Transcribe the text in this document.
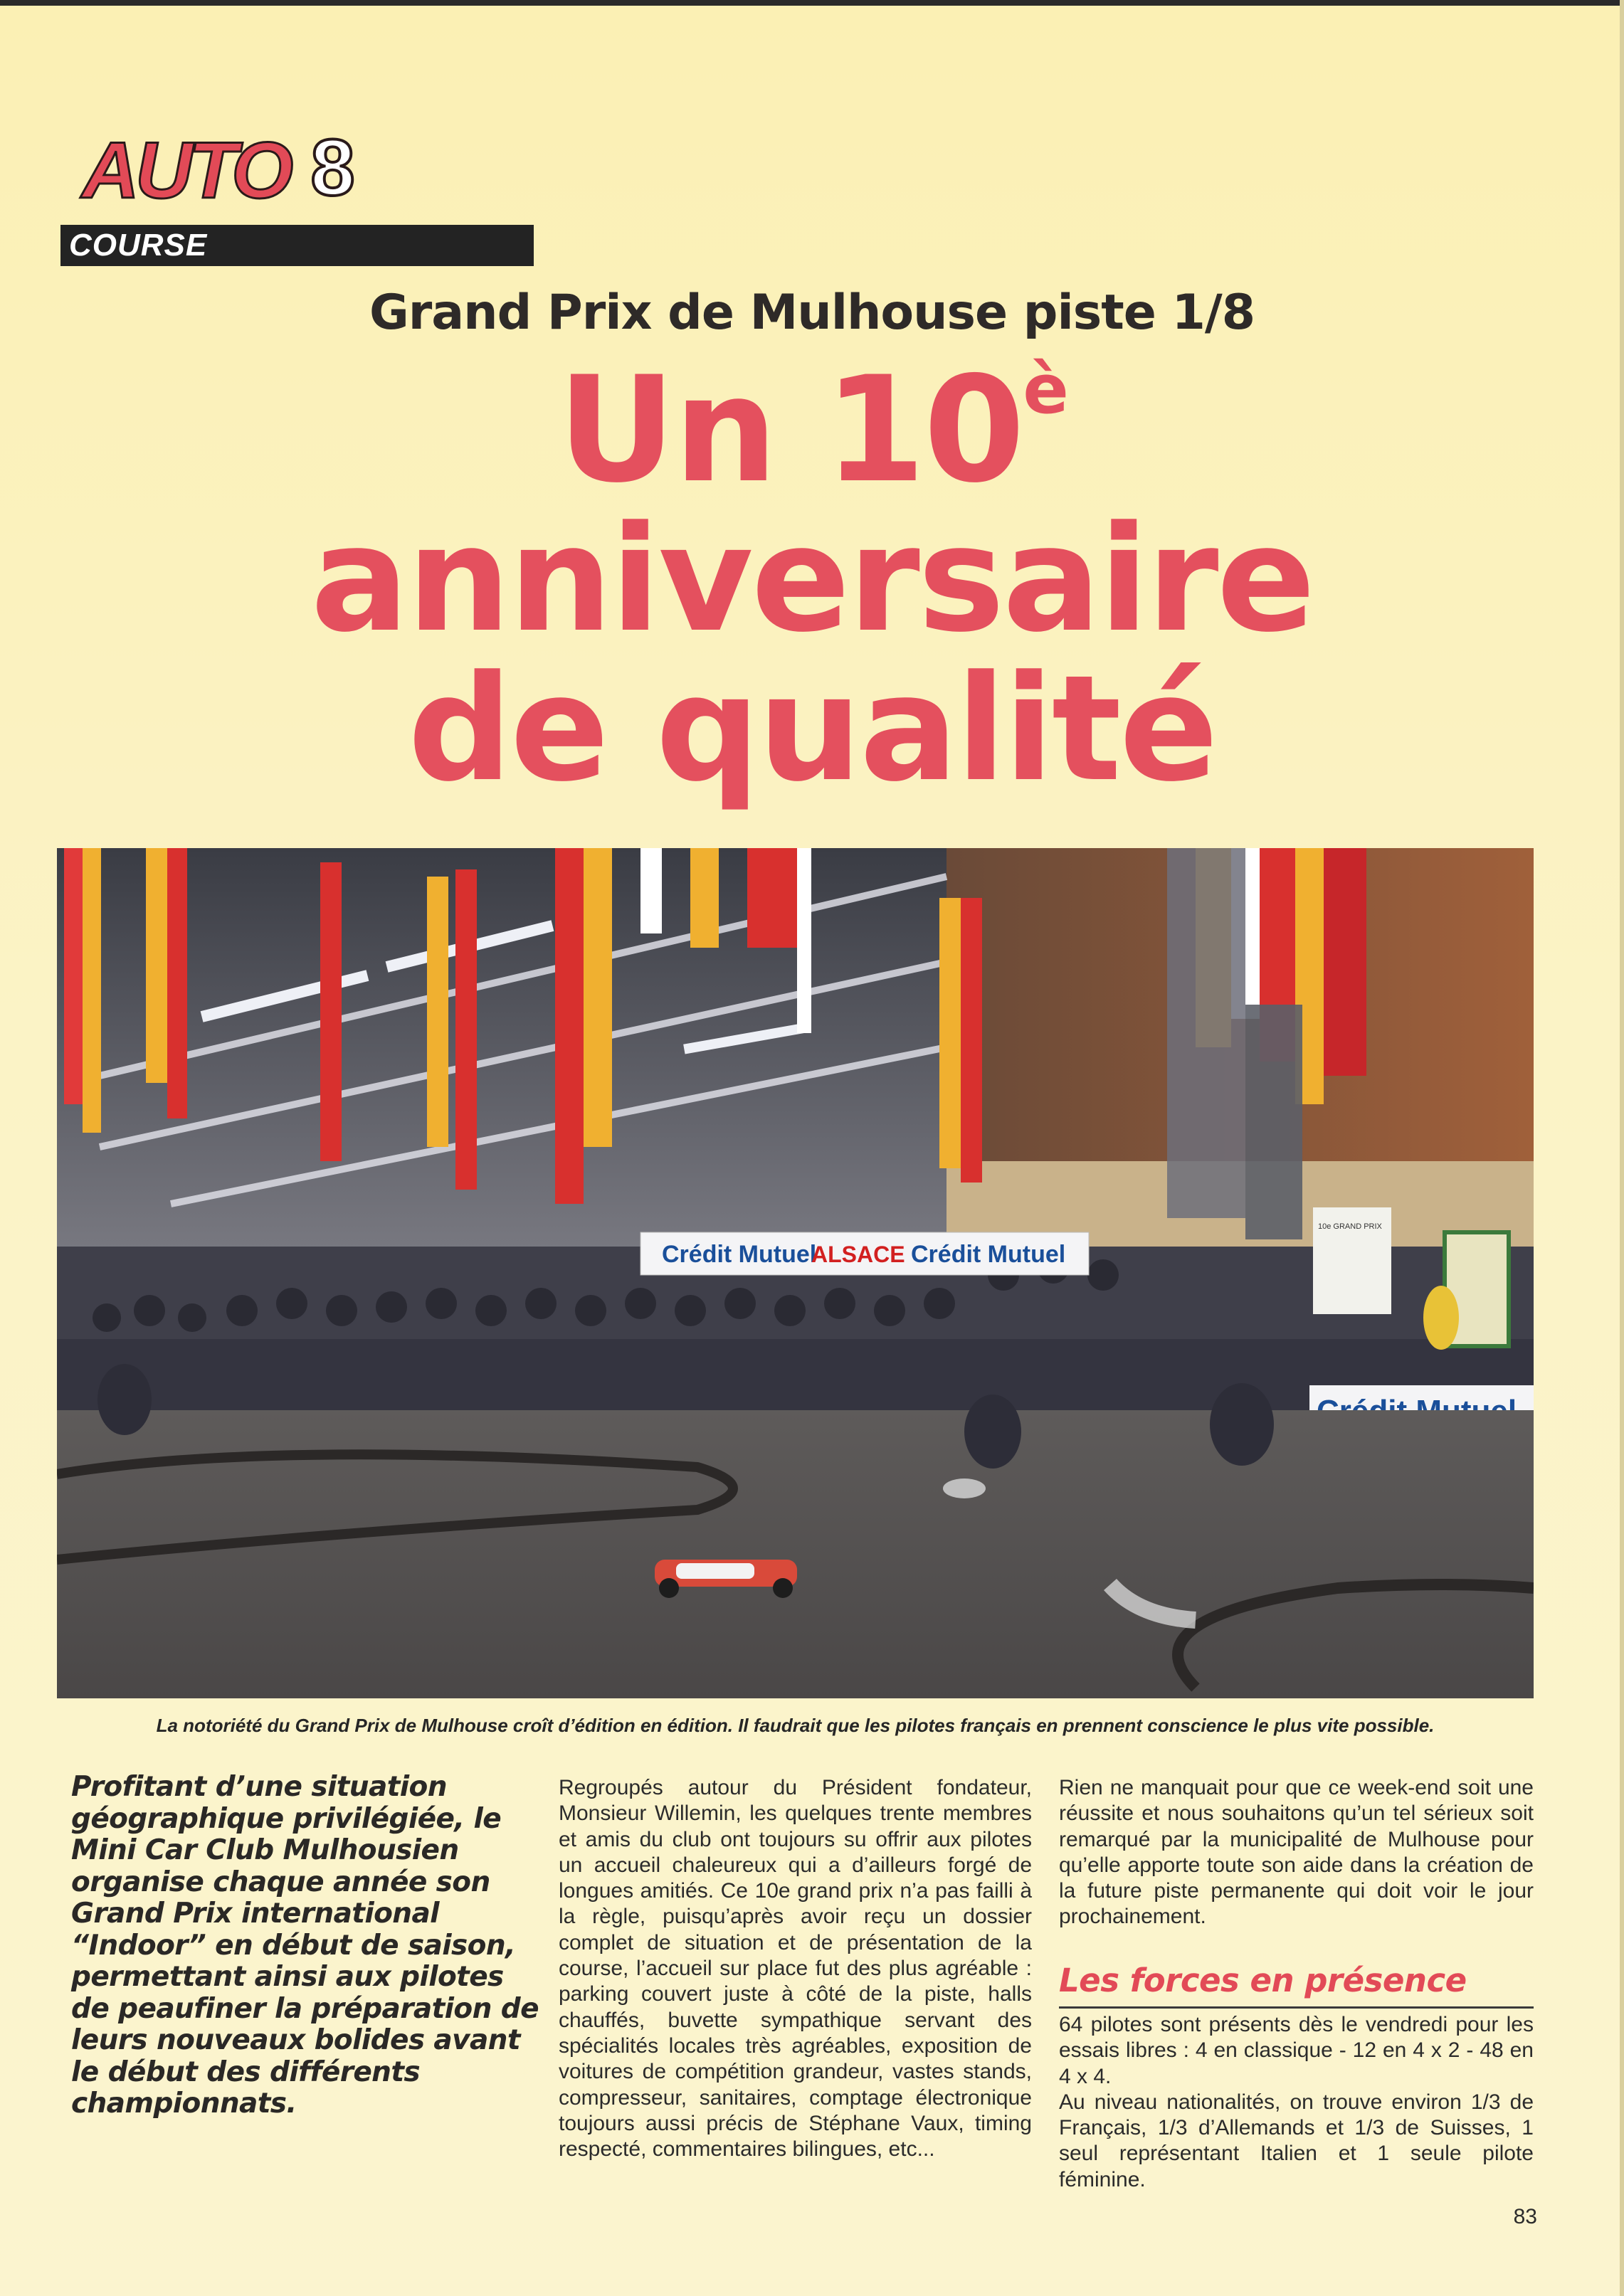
AUTO 8
COURSE
Grand Prix de Mulhouse piste 1/8
Un $10^è$
anniversaire
de qualité
Crédit Mutuel
ALSACE Crédit Mutuel
10e GRAND PRIX
La notoriété du Grand Prix de Mulhouse croît d’édition en édition. Il faudrait que les pilotes français en prennent conscience le plus vite possible.
Profitant d’une situation géographique privilégiée, le Mini Car Club Mulhousien organise chaque année son Grand Prix international “Indoor” en début de saison, permettant ainsi aux pilotes de peaufiner la préparation de leurs nouveaux bolides avant le début des différents championnats.

Regroupés autour du Président fondateur, Monsieur Willemin, les quelques trente membres et amis du club ont toujours su offrir aux pilotes un accueil chaleureux qui a d’ailleurs forgé de longues amitiés. Ce 10e grand prix n’a pas failli à la règle, puisqu’après avoir reçu un dossier complet de situation et de présentation de la course, l’accueil sur place fut des plus agréable : parking couvert juste à côté de la piste, halls chauffés, buvette sympathique servant des spécialités locales très agréables, exposition de voitures de compétition grandeur, vastes stands, compresseur, sanitaires, comptage électronique toujours aussi précis de Stéphane Vaux, timing respecté, commentaires bilingues, etc...

Rien ne manquait pour que ce week-end soit une réussite et nous souhaitons qu’un tel sérieux soit remarqué par la municipalité de Mulhouse pour qu’elle apporte toute son aide dans la création de la future piste permanente qui doit voir le jour prochainement.

Les forces en présence

64 pilotes sont présents dès le vendredi pour les essais libres : 4 en classique - 12 en 4 x 2 - 48 en 4 x 4.

Au niveau nationalités, on trouve environ 1/3 de Français, 1/3 d’Allemands et 1/3 de Suisses, 1 seul représentant Italien et 1 seule pilote féminine.

83
